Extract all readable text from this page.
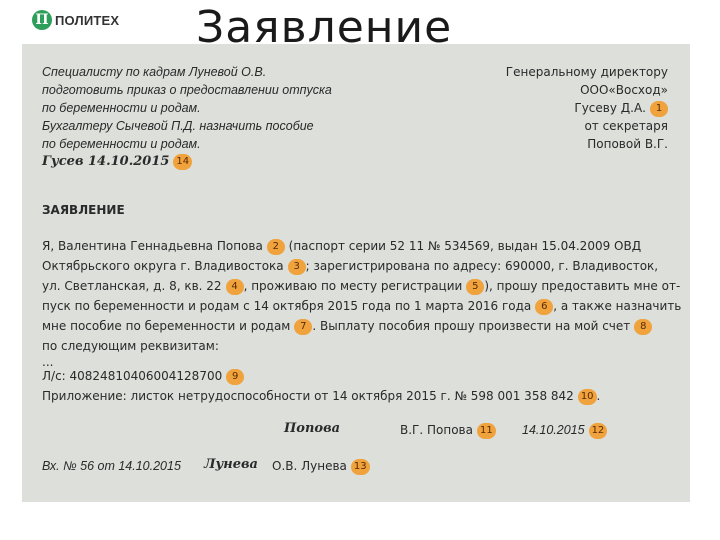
П ПОЛИТЕХ Заявление
Специалисту по кадрам Луневой О.В.
подготовить приказ о предоставлении отпуска
по беременности и родам.
Бухгалтеру Сычевой П.Д. назначить пособие
по беременности и родам.
Гусев 14.10.2015 14
Генеральному директору
ООО«Восход»
Гусеву Д.А. 1
от секретаря
Поповой В.Г.
ЗАЯВЛЕНИЕ
Я, Валентина Геннадьевна Попова 2 (паспорт серии 52 11 № 534569, выдан 15.04.2009 ОВД
Октябрьского округа г. Владивостока 3 ; зарегистрирована по адресу: 690000, г. Владивосток,
ул. Светланская, д. 8, кв. 22 4 , проживаю по месту регистрации 5 ), прошу предоставить мне от-
пуск по беременности и родам с 14 октября 2015 года по 1 марта 2016 года 6 , а также назначить
мне пособие по беременности и родам 7 . Выплату пособия прошу произвести на мой счет 8
по следующим реквизитам:
...
Л/с: 40824810406004128700 9
Приложение: листок нетрудоспособности от 14 октября 2015 г. № 598 001 358 842 10 .
Попова	В.Г. Попова 11 14.10.2015 12
Вх. № 56 от 14.10.2015 Лунева О.В. Лунева 13
